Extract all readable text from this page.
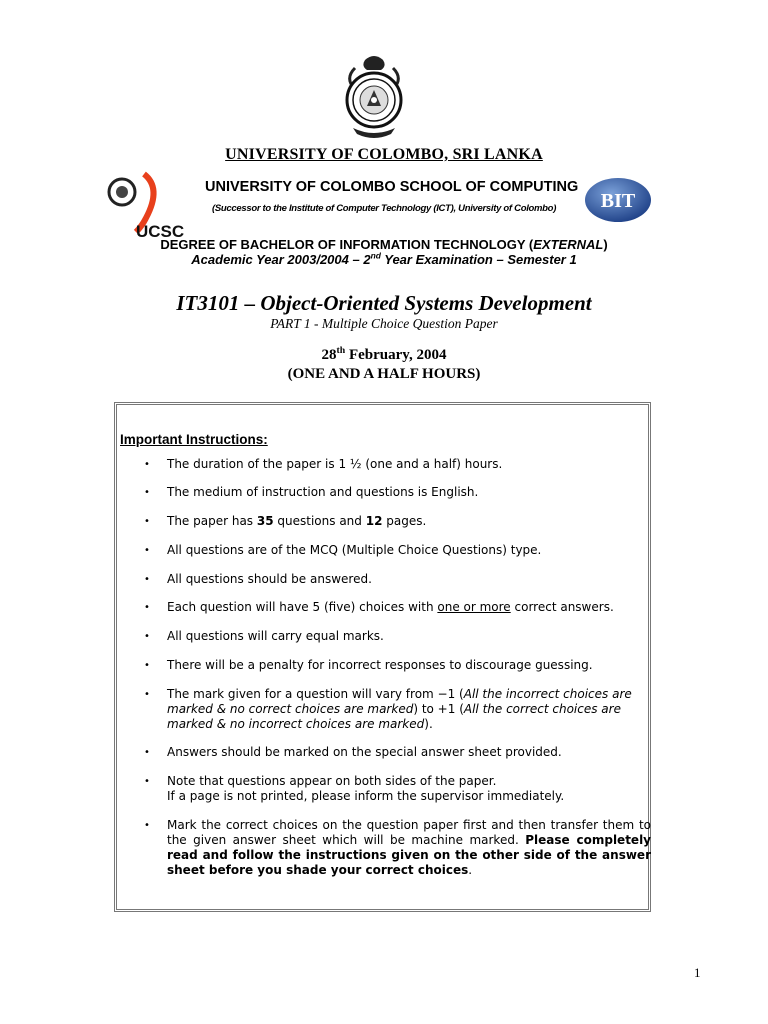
UNIVERSITY OF COLOMBO, SRI LANKA
UCSC
UNIVERSITY OF COLOMBO SCHOOL OF COMPUTING
(Successor to the Institute of Computer Technology (ICT), University of Colombo) BIT
DEGREE OF BACHELOR OF INFORMATION TECHNOLOGY (EXTERNAL)
Academic Year 2003/2004 – 2nd Year Examination – Semester 1
IT3101 – Object-Oriented Systems Development
PART 1 - Multiple Choice Question Paper
28th February, 2004
(ONE AND A HALF HOURS)

Important Instructions:

• The duration of the paper is 1 ½ (one and a half) hours.
• The medium of instruction and questions is English.
• The paper has 35 questions and 12 pages.
• All questions are of the MCQ (Multiple Choice Questions) type.
• All questions should be answered.
• Each question will have 5 (five) choices with one or more correct answers.
• All questions will carry equal marks.
• There will be a penalty for incorrect responses to discourage guessing.
• The mark given for a question will vary from −1 (All the incorrect choices are marked & no correct choices are marked) to +1 (All the correct choices are marked & no incorrect choices are marked).
• Answers should be marked on the special answer sheet provided.
• Note that questions appear on both sides of the paper.
If a page is not printed, please inform the supervisor immediately.
• Mark the correct choices on the question paper first and then transfer them to the given answer sheet which will be machine marked. Please completely read and follow the instructions given on the other side of the answer sheet before you shade your correct choices.
1
